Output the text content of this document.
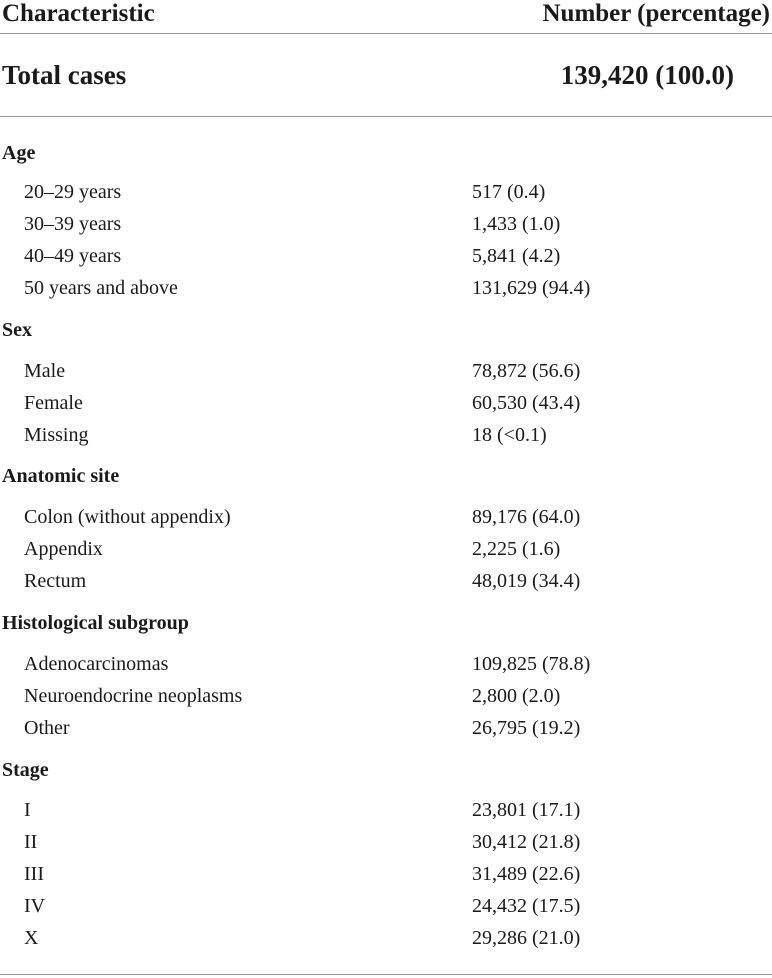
Characteristic	Number (percentage)
Total cases	139,420 (100.0)
Age
20–29 years	517 (0.4)
30–39 years	1,433 (1.0)
40–49 years	5,841 (4.2)
50 years and above	131,629 (94.4)
Sex
Male	78,872 (56.6)
Female	60,530 (43.4)
Missing	18 (<0.1)
Anatomic site
Colon (without appendix)	89,176 (64.0)
Appendix	2,225 (1.6)
Rectum	48,019 (34.4)
Histological subgroup
Adenocarcinomas	109,825 (78.8)
Neuroendocrine neoplasms	2,800 (2.0)
Other	26,795 (19.2)
Stage
I	23,801 (17.1)
II	30,412 (21.8)
III	31,489 (22.6)
IV	24,432 (17.5)
X	29,286 (21.0)
